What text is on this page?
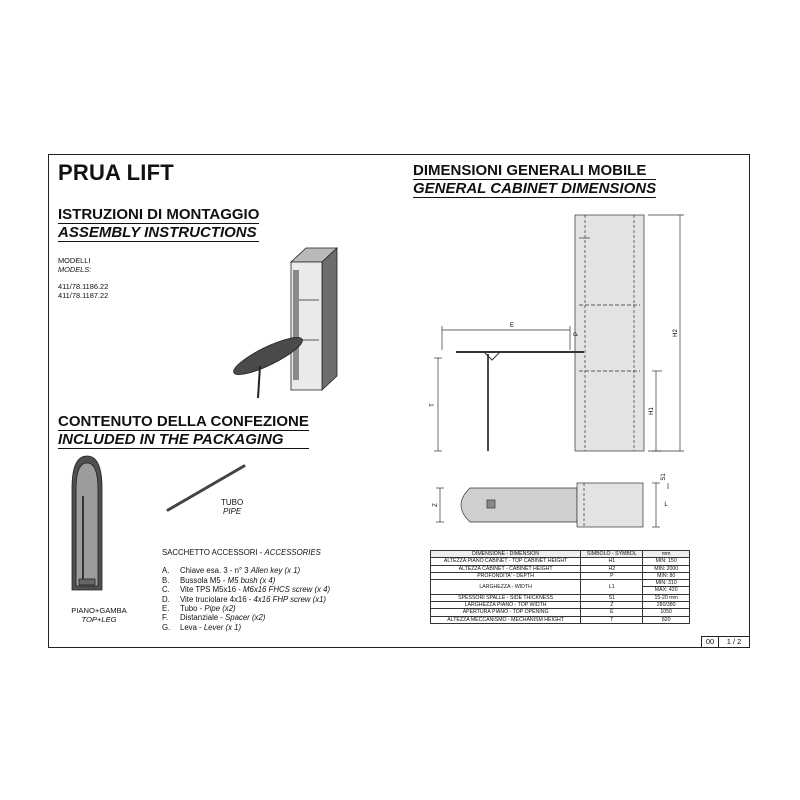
PRUA LIFT
ISTRUZIONI DI MONTAGGIO
ASSEMBLY INSTRUCTIONS
MODELLI
MODELS:
411/78.1186.22
411/78.1187.22
CONTENUTO DELLA CONFEZIONE
INCLUDED IN THE PACKAGING
TUBO
PIPE
PIANO+GAMBA
TOP+LEG
SACCHETTO ACCESSORI - ACCESSORIES
A. Chiave esa. 3 - n° 3 Allen key (x 1)
B. Bussola M5 - M5 bush (x 4)
C. Vite TPS M5x16 - M6x16 FHCS screw (x 4)
D. Vite truciolare 4x16 - 4x16 FHP screw (x1)
E. Tubo - Pipe (x2)
F. Distanziale - Spacer (x2)
G. Leva - Lever (x 1)
DIMENSIONI GENERALI MOBILE
GENERAL CABINET DIMENSIONS
E
P
T
H1
H2
Z	L
S1
DIMENSIONE - DIMENSION	SIMBOLO - SYMBOL	mm
ALTEZZA PIANO CABINET - TOP CABINET HEIGHT	H1	MIN: 150
ALTEZZA CABINET - CABINET HEIGHT	H2	MIN: 2000
PROFONDITA' - DEPTH	P	MIN: 80
LARGHEZZA - WIDTH	L1	MIN: 310
		MAX: 420
SPESSORI SPALLE - SIDE THICKNESS	S1	15-20 mm
LARGHEZZA PIANO - TOP WIDTH	Z	280/380
APERTURA PIANO - TOP OPENING	E	1050
ALTEZZA MECCANISMO - MECHANISM HEIGHT	T	820
00	1 / 2
